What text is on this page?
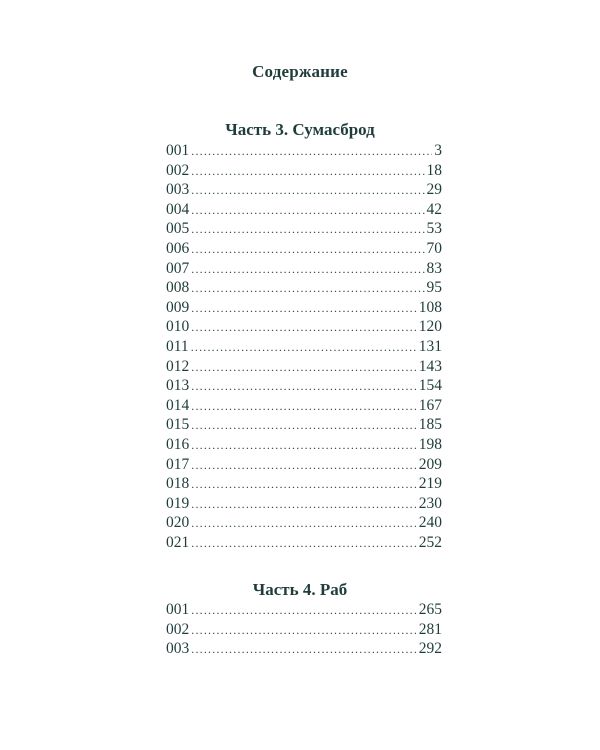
Содержание
Часть 3. Сумасброд
001 .....	3
002 .....	18
003 .....	29
004 .....	42
005 .....	53
006 .....	70
007 .....	83
008 .....	95
009 .....	108
010 .....	120
011 .....	131
012 .....	143
013 .....	154
014 .....	167
015 .....	185
016 .....	198
017 .....	209
018 .....	219
019 .....	230
020 .....	240
021 .....	252
Часть 4. Раб
001 .....	265
002 .....	281
003 .....	292
